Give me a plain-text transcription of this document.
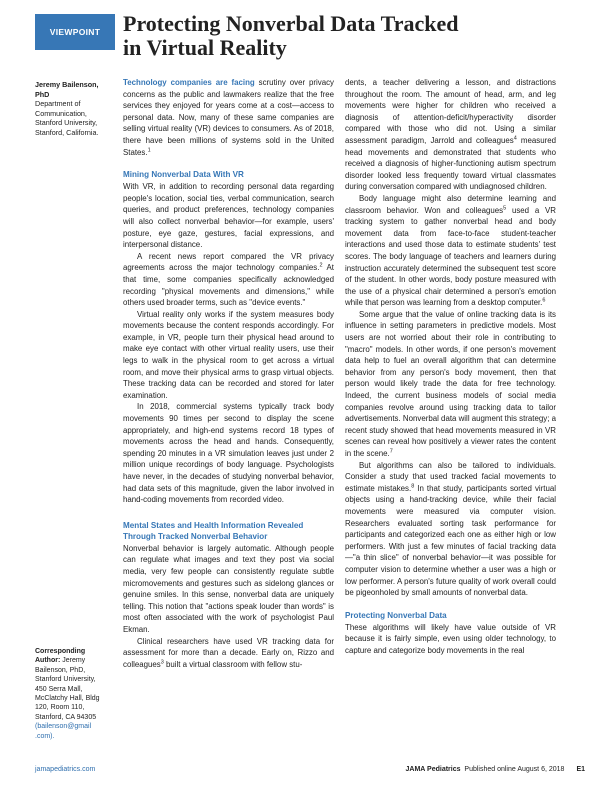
VIEWPOINT	Protecting Nonverbal Data Tracked
in Virtual Reality
Jeremy Bailenson,
PhD
Department of
Communication,
Stanford University,
Stanford, California.

Technology companies are facing scrutiny over privacy concerns as the public and lawmakers realize that the free services they enjoyed for years come at a cost—access to personal data. Now, many of these same companies are selling virtual reality (VR) devices to consumers. As of 2018, there have been millions of systems sold in the United States.$^1$

Mining Nonverbal Data With VR

With VR, in addition to recording personal data regarding people's location, social ties, verbal communication, search queries, and product preferences, technology companies will also collect nonverbal behavior—for example, users' posture, eye gaze, gestures, facial expressions, and interpersonal distance.

A recent news report compared the VR privacy agreements across the major technology companies.$^2$ At that time, some companies specifically acknowledged recording "physical movements and dimensions," while others used broader terms, such as "device events."

Virtual reality only works if the system measures body movements because the content responds accordingly. For example, in VR, people turn their physical head around to make eye contact with other virtual reality users, use their legs to walk in the physical room to get across a virtual room, and move their physical arms to grasp virtual objects. These tracking data can be recorded and stored for later examination.

In 2018, commercial systems typically track body movements 90 times per second to display the scene appropriately, and high-end systems record 18 types of movements across the head and hands. Consequently, spending 20 minutes in a VR simulation leaves just under 2 million unique recordings of body language. Psychologists have never, in the decades of studying nonverbal behavior, had data sets of this magnitude, given the labor involved in hand-coding movements from recorded video.

Mental States and Health Information Revealed
Through Tracked Nonverbal Behavior

Nonverbal behavior is largely automatic. Although people can regulate what images and text they post via social media, very few people can consistently regulate subtle micromovements and gestures such as sidelong glances or genuine smiles. In this sense, nonverbal data are uniquely telling. This notion that "actions speak louder than words" is most often associated with the work of psychologist Paul Ekman.

Clinical researchers have used VR tracking data for assessment for more than a decade. Early on, Rizzo and colleagues$^3$ built a virtual classroom with fellow stu-

dents, a teacher delivering a lesson, and distractions throughout the room. The amount of head, arm, and leg movements were higher for children who received a diagnosis of attention-deficit/hyperactivity disorder compared with those who did not. Using a similar assessment paradigm, Jarrold and colleagues$^4$ measured head movements and demonstrated that students who received a diagnosis of higher-functioning autism spectrum disorder looked less frequently toward virtual classmates during conversation compared with undiagnosed children.

Body language might also determine learning and classroom behavior. Won and colleagues$^5$ used a VR tracking system to gather nonverbal head and body movement data from face-to-face student-teacher interactions and used those data to estimate students' test scores. The body language of teachers and learners during instruction accurately determined the subsequent test score of the student. In other words, body posture measured with the use of a physical chair determined a person's emotion while that person was learning from a desktop computer.$^6$

Some argue that the value of online tracking data is its influence in setting parameters in predictive models. Most users are not worried about their role in contributing to "macro" models. In other words, if one person's movement data help to fuel an overall algorithm that can determine behavior from any person's body movement, then that person would likely trade the data for free technology. Indeed, the current business models of social media companies revolve around using tracking data to tailor advertisements. Nonverbal data will augment this strategy; a recent study showed that head movements measured in VR scenes can reveal how positively a viewer rates the content in the scene.$^7$

But algorithms can also be tailored to individuals. Consider a study that used tracked facial movements to estimate mistakes.$^8$ In that study, participants sorted virtual objects using a hand-tracking device, while their facial movements were measured via computer vision. Researchers evaluated sorting task performance for participants and categorized each one as either high or low performers. With just a few minutes of facial tracking data—"a thin slice" of nonverbal behavior—it was possible for computer vision to determine whether a user was a high or low performer. A person's future quality of work overall could be pigeonholed by small amounts of nonverbal data.

Protecting Nonverbal Data

These algorithms will likely have value outside of VR because it is fairly simple, even using older technology, to capture and categorize body movements in the real

Corresponding
Author: Jeremy
Bailenson, PhD,
Stanford University,
450 Serra Mall,
McClatchy Hall, Bldg
120, Room 110,
Stanford, CA 94305
(bailenson@gmail
.com).
jamapediatrics.com	JAMA Pediatrics Published online August 6, 2018 E1
